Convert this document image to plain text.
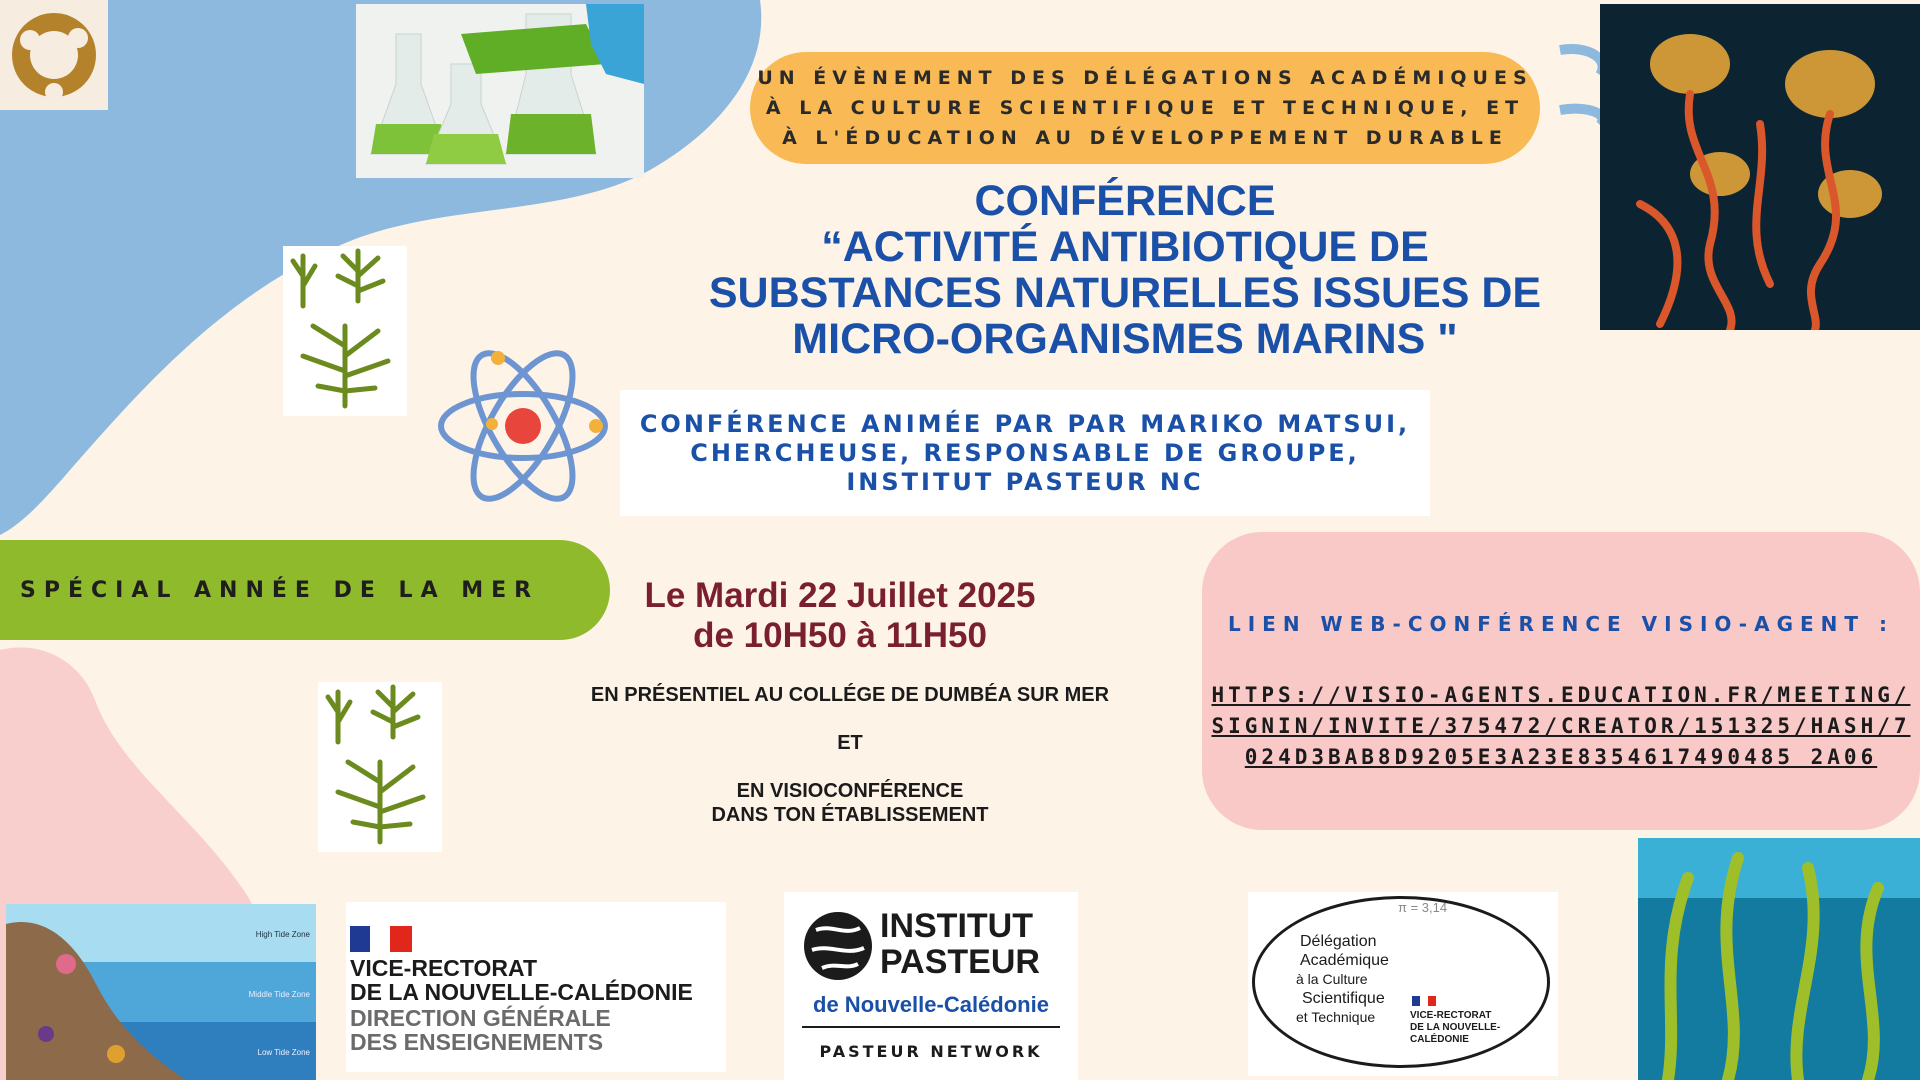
High Tide Zone
Middle Tide Zone
Low Tide Zone
UN ÉVÈNEMENT DES DÉLÉGATIONS ACADÉMIQUES
À LA CULTURE SCIENTIFIQUE ET TECHNIQUE, ET
À L'ÉDUCATION AU DÉVELOPPEMENT DURABLE
CONFÉRENCE
“ACTIVITÉ ANTIBIOTIQUE DE
SUBSTANCES NATURELLES ISSUES DE
MICRO-ORGANISMES MARINS "
CONFÉRENCE ANIMÉE PAR PAR MARIKO MATSUI,
CHERCHEUSE, RESPONSABLE DE GROUPE,
INSTITUT PASTEUR NC
SPÉCIAL ANNÉE DE LA MER	Le Mardi 22 Juillet 2025
de 10H50 à 11H50
EN PRÉSENTIEL AU COLLÉGE DE DUMBÉA SUR MER
ET
EN VISIOCONFÉRENCE
DANS TON ÉTABLISSEMENT
LIEN WEB-CONFÉRENCE VISIO-AGENT :
HTTPS://VISIO-AGENTS.EDUCATION.FR/MEETING/SIGNIN/INVITE/375472/CREATOR/151325/HASH/7024D3BAB8D9205E3A23E8354617490485 2A06
VICE-RECTORAT
DE LA NOUVELLE-CALÉDONIE
DIRECTION GÉNÉRALE
DES ENSEIGNEMENTS
INSTITUT
PASTEUR
de Nouvelle-Calédonie
PASTEUR NETWORK
π = 3,14
Délégation
Académique
à la Culture
Scientifique
et Technique	VICE-RECTORAT
DE LA NOUVELLE-CALÉDONIE
